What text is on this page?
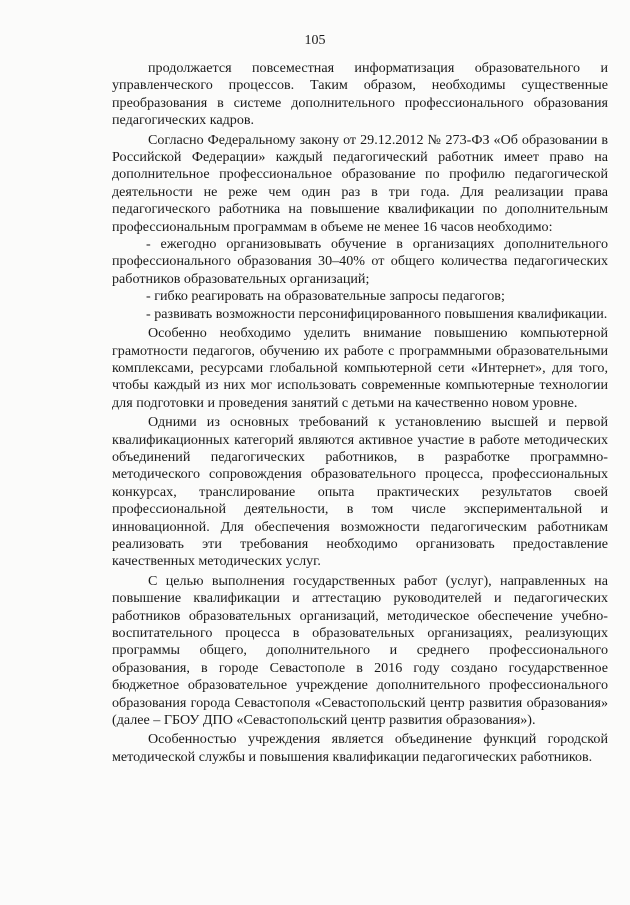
105

продолжается повсеместная информатизация образовательного и управленческого процессов. Таким образом, необходимы существенные преобразования в системе дополнительного профессионального образования педагогических кадров.

Согласно Федеральному закону от 29.12.2012 № 273-ФЗ «Об образовании в Российской Федерации» каждый педагогический работник имеет право на дополнительное профессиональное образование по профилю педагогической деятельности не реже чем один раз в три года. Для реализации права педагогического работника на повышение квалификации по дополнительным профессиональным программам в объеме не менее 16 часов необходимо:

- ежегодно организовывать обучение в организациях дополнительного профессионального образования 30–40% от общего количества педагогических работников образовательных организаций;

- гибко реагировать на образовательные запросы педагогов;

- развивать возможности персонифицированного повышения квалификации.

Особенно необходимо уделить внимание повышению компьютерной грамотности педагогов, обучению их работе с программными образовательными комплексами, ресурсами глобальной компьютерной сети «Интернет», для того, чтобы каждый из них мог использовать современные компьютерные технологии для подготовки и проведения занятий с детьми на качественно новом уровне.

Одними из основных требований к установлению высшей и первой квалификационных категорий являются активное участие в работе методических объединений педагогических работников, в разработке программно-методического сопровождения образовательного процесса, профессиональных конкурсах, транслирование опыта практических результатов своей профессиональной деятельности, в том числе экспериментальной и инновационной. Для обеспечения возможности педагогическим работникам реализовать эти требования необходимо организовать предоставление качественных методических услуг.

С целью выполнения государственных работ (услуг), направленных на повышение квалификации и аттестацию руководителей и педагогических работников образовательных организаций, методическое обеспечение учебно-воспитательного процесса в образовательных организациях, реализующих программы общего, дополнительного и среднего профессионального образования, в городе Севастополе в 2016 году создано государственное бюджетное образовательное учреждение дополнительного профессионального образования города Севастополя «Севастопольский центр развития образования» (далее – ГБОУ ДПО «Севастопольский центр развития образования»).

Особенностью учреждения является объединение функций городской методической службы и повышения квалификации педагогических работников.
